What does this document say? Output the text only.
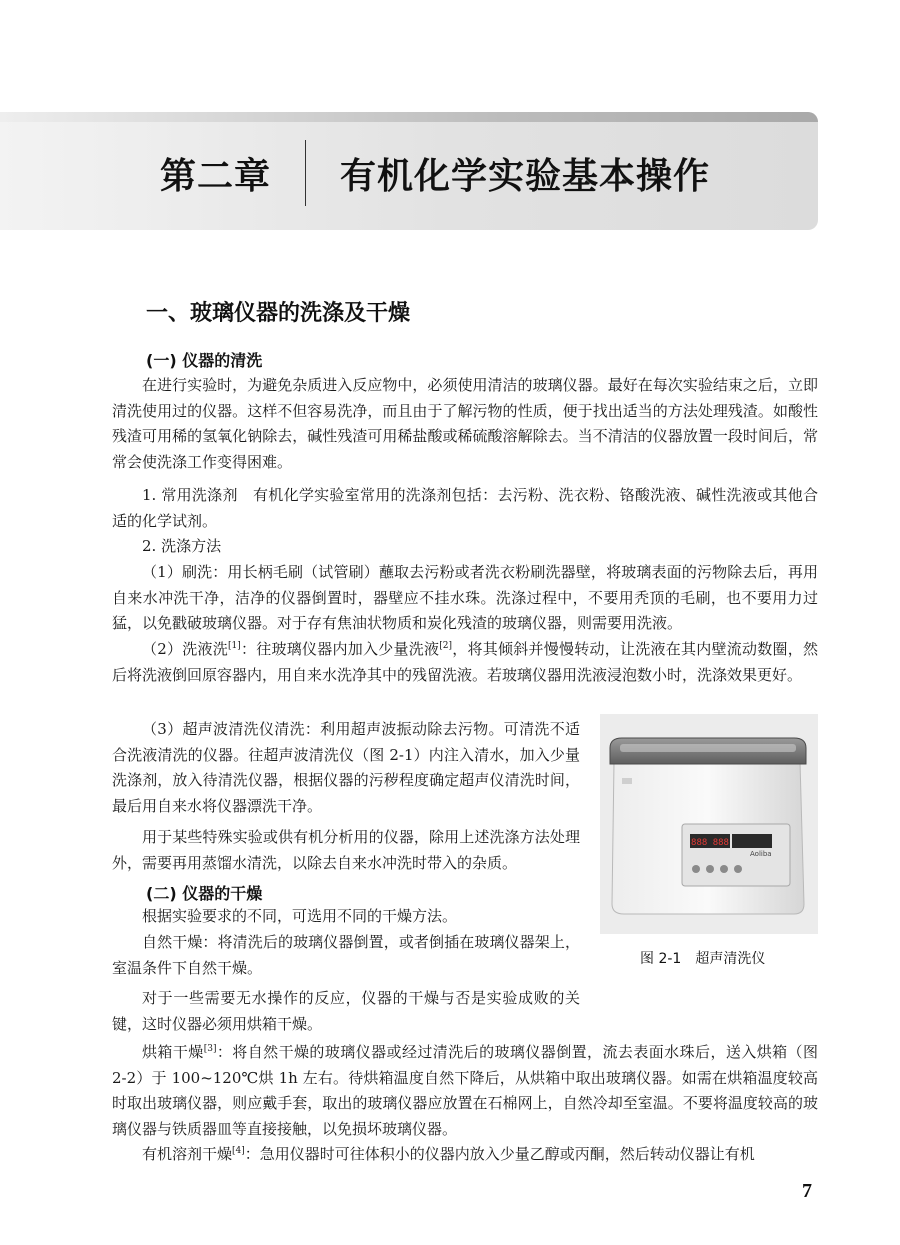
第二章 有机化学实验基本操作
一、玻璃仪器的洗涤及干燥
(一) 仪器的清洗

在进行实验时，为避免杂质进入反应物中，必须使用清洁的玻璃仪器。最好在每次实验结束之后，立即清洗使用过的仪器。这样不但容易洗净，而且由于了解污物的性质，便于找出适当的方法处理残渣。如酸性残渣可用稀的氢氧化钠除去，碱性残渣可用稀盐酸或稀硫酸溶解除去。当不清洁的仪器放置一段时间后，常常会使洗涤工作变得困难。

1. 常用洗涤剂　有机化学实验室常用的洗涤剂包括：去污粉、洗衣粉、铬酸洗液、碱性洗液或其他合适的化学试剂。

2. 洗涤方法

（1）刷洗：用长柄毛刷（试管刷）蘸取去污粉或者洗衣粉刷洗器壁，将玻璃表面的污物除去后，再用自来水冲洗干净，洁净的仪器倒置时，器壁应不挂水珠。洗涤过程中，不要用秃顶的毛刷，也不要用力过猛，以免戳破玻璃仪器。对于存有焦油状物质和炭化残渣的玻璃仪器，则需要用洗液。

（2）洗液洗[1]：往玻璃仪器内加入少量洗液[2]，将其倾斜并慢慢转动，让洗液在其内壁流动数圈，然后将洗液倒回原容器内，用自来水洗净其中的残留洗液。若玻璃仪器用洗液浸泡数小时，洗涤效果更好。

（3）超声波清洗仪清洗：利用超声波振动除去污物。可清洗不适合洗液清洗的仪器。往超声波清洗仪（图 2-1）内注入清水，加入少量洗涤剂，放入待清洗仪器，根据仪器的污秽程度确定超声仪清洗时间，最后用自来水将仪器漂洗干净。

用于某些特殊实验或供有机分析用的仪器，除用上述洗涤方法处理外，需要再用蒸馏水清洗，以除去自来水冲洗时带入的杂质。

(二) 仪器的干燥

根据实验要求的不同，可选用不同的干燥方法。

自然干燥：将清洗后的玻璃仪器倒置，或者倒插在玻璃仪器架上，室温条件下自然干燥。

对于一些需要无水操作的反应，仪器的干燥与否是实验成败的关键，这时仪器必须用烘箱干燥。

烘箱干燥[3]：将自然干燥的玻璃仪器或经过清洗后的玻璃仪器倒置，流去表面水珠后，送入烘箱（图 2-2）于 100~120℃烘 1h 左右。待烘箱温度自然下降后，从烘箱中取出玻璃仪器。如需在烘箱温度较高时取出玻璃仪器，则应戴手套，取出的玻璃仪器应放置在石棉网上，自然冷却至室温。不要将温度较高的玻璃仪器与铁质器皿等直接接触，以免损坏玻璃仪器。

有机溶剂干燥[4]：急用仪器时可往体积小的仪器内放入少量乙醇或丙酮，然后转动仪器让有机

888 888
Aoliba
图 2-1　超声清洗仪
7
